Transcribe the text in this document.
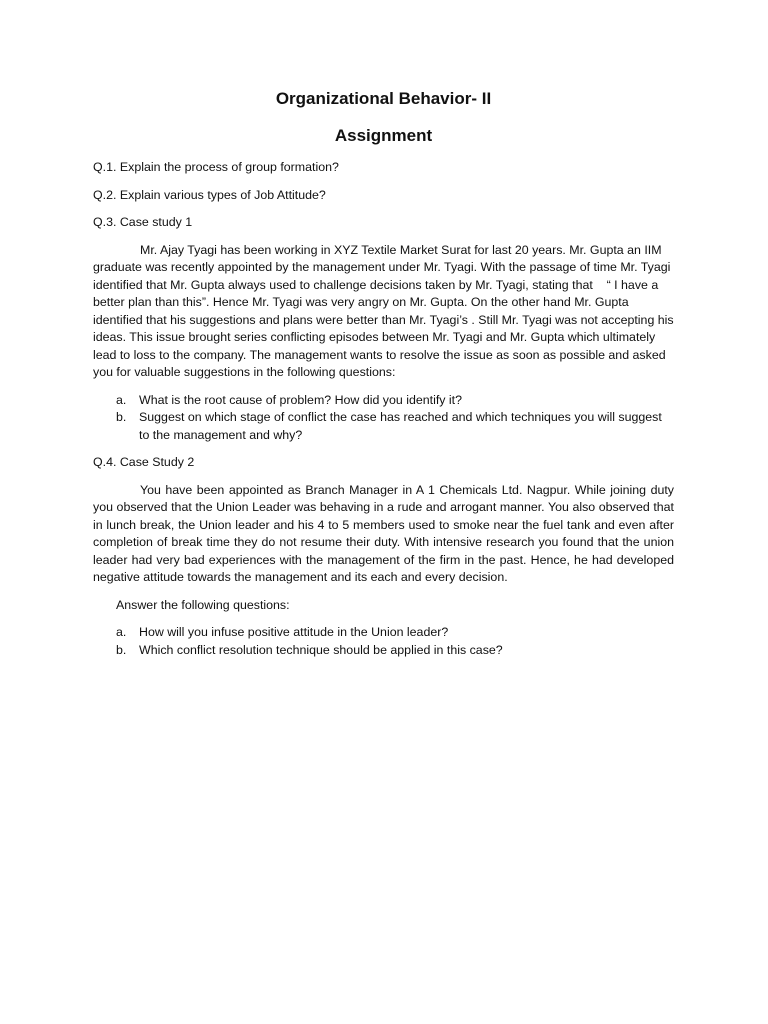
Organizational Behavior- II
Assignment

Q.1. Explain the process of group formation?

Q.2. Explain various types of Job Attitude?

Q.3. Case study 1

Mr. Ajay Tyagi has been working in XYZ Textile Market Surat for last 20 years. Mr. Gupta an IIM graduate was recently appointed by the management under Mr. Tyagi. With the passage of time Mr. Tyagi identified that Mr. Gupta always used to challenge decisions taken by Mr. Tyagi, stating that    “ I have a better plan than this”. Hence Mr. Tyagi was very angry on Mr. Gupta. On the other hand Mr. Gupta identified that his suggestions and plans were better than Mr. Tyagi’s . Still Mr. Tyagi was not accepting his ideas. This issue brought series conflicting episodes between Mr. Tyagi and Mr. Gupta which ultimately lead to loss to the company. The management wants to resolve the issue as soon as possible and asked you for valuable suggestions in the following questions:

a. What is the root cause of problem? How did you identify it?
b. Suggest on which stage of conflict the case has reached and which techniques you will suggest to the management and why?

Q.4. Case Study 2

You have been appointed as Branch Manager in A 1 Chemicals Ltd. Nagpur. While joining duty you observed that the Union Leader was behaving in a rude and arrogant manner. You also observed that in lunch break, the Union leader and his 4 to 5 members used to smoke near the fuel tank and even after completion of break time they do not resume their duty. With intensive research you found that the union leader had very bad experiences with the management of the firm in the past. Hence, he had developed negative attitude towards the management and its each and every decision.

Answer the following questions:

a. How will you infuse positive attitude in the Union leader?
b. Which conflict resolution technique should be applied in this case?
